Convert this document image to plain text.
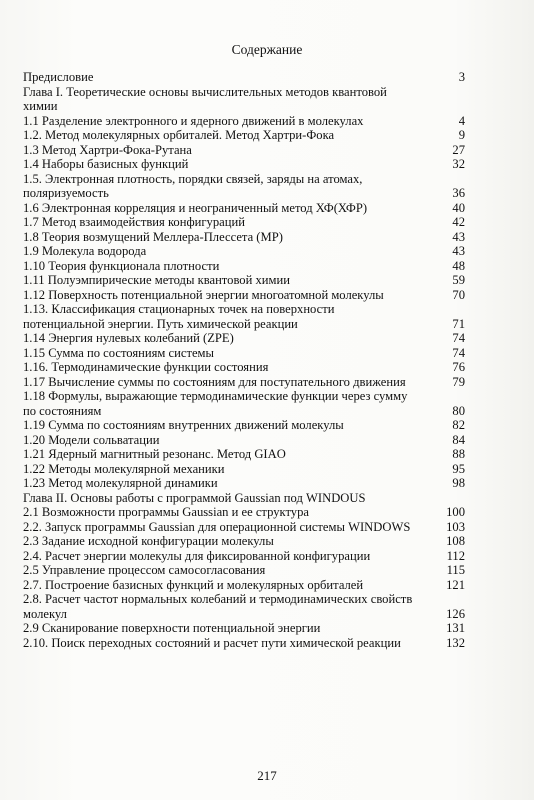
Содержание
Предисловие	3
Глава I. Теоретические основы вычислительных методов квантовой химии
1.1 Разделение электронного и ядерного движений в молекулах	4
1.2. Метод молекулярных орбиталей. Метод Хартри-Фока	9
1.3 Метод Хартри-Фока-Рутана	27
1.4 Наборы базисных функций	32
1.5. Электронная плотность, порядки связей, заряды на атомах, поляризуемость	36
1.6 Электронная корреляция и неограниченный метод ХФ(ХФР)	40
1.7 Метод взаимодействия конфигураций	42
1.8 Теория возмущений Меллера-Плессета (МР)	43
1.9 Молекула водорода	43
1.10 Теория функционала плотности	48
1.11 Полуэмпирические методы квантовой химии	59
1.12 Поверхность потенциальной энергии многоатомной молекулы	70
1.13. Классификация стационарных точек на поверхности потенциальной энергии. Путь химической реакции	71
1.14 Энергия нулевых колебаний (ZPE)	74
1.15 Сумма по состояниям системы	74
1.16. Термодинамические функции состояния	76
1.17 Вычисление суммы по состояниям для поступательного движения	79
1.18 Формулы, выражающие термодинамические функции через сумму по состояниям	80
1.19 Сумма по состояниям внутренних движений молекулы	82
1.20 Модели сольватации	84
1.21 Ядерный магнитный резонанс. Метод GIAO	88
1.22 Методы молекулярной механики	95
1.23 Метод молекулярной динамики	98
Глава II. Основы работы с программой Gaussian под WINDOUS
2.1 Возможности программы Gaussian и ее структура	100
2.2. Запуск программы Gaussian для операционной системы WINDOWS	103
2.3 Задание исходной конфигурации молекулы	108
2.4. Расчет энергии молекулы для фиксированной конфигурации	112
2.5 Управление процессом самосогласования	115
2.7. Построение базисных функций и молекулярных орбиталей	121
2.8. Расчет частот нормальных колебаний и термодинамических свойств молекул	126
2.9 Сканирование поверхности потенциальной энергии	131
2.10. Поиск переходных состояний и расчет пути химической реакции	132
217
